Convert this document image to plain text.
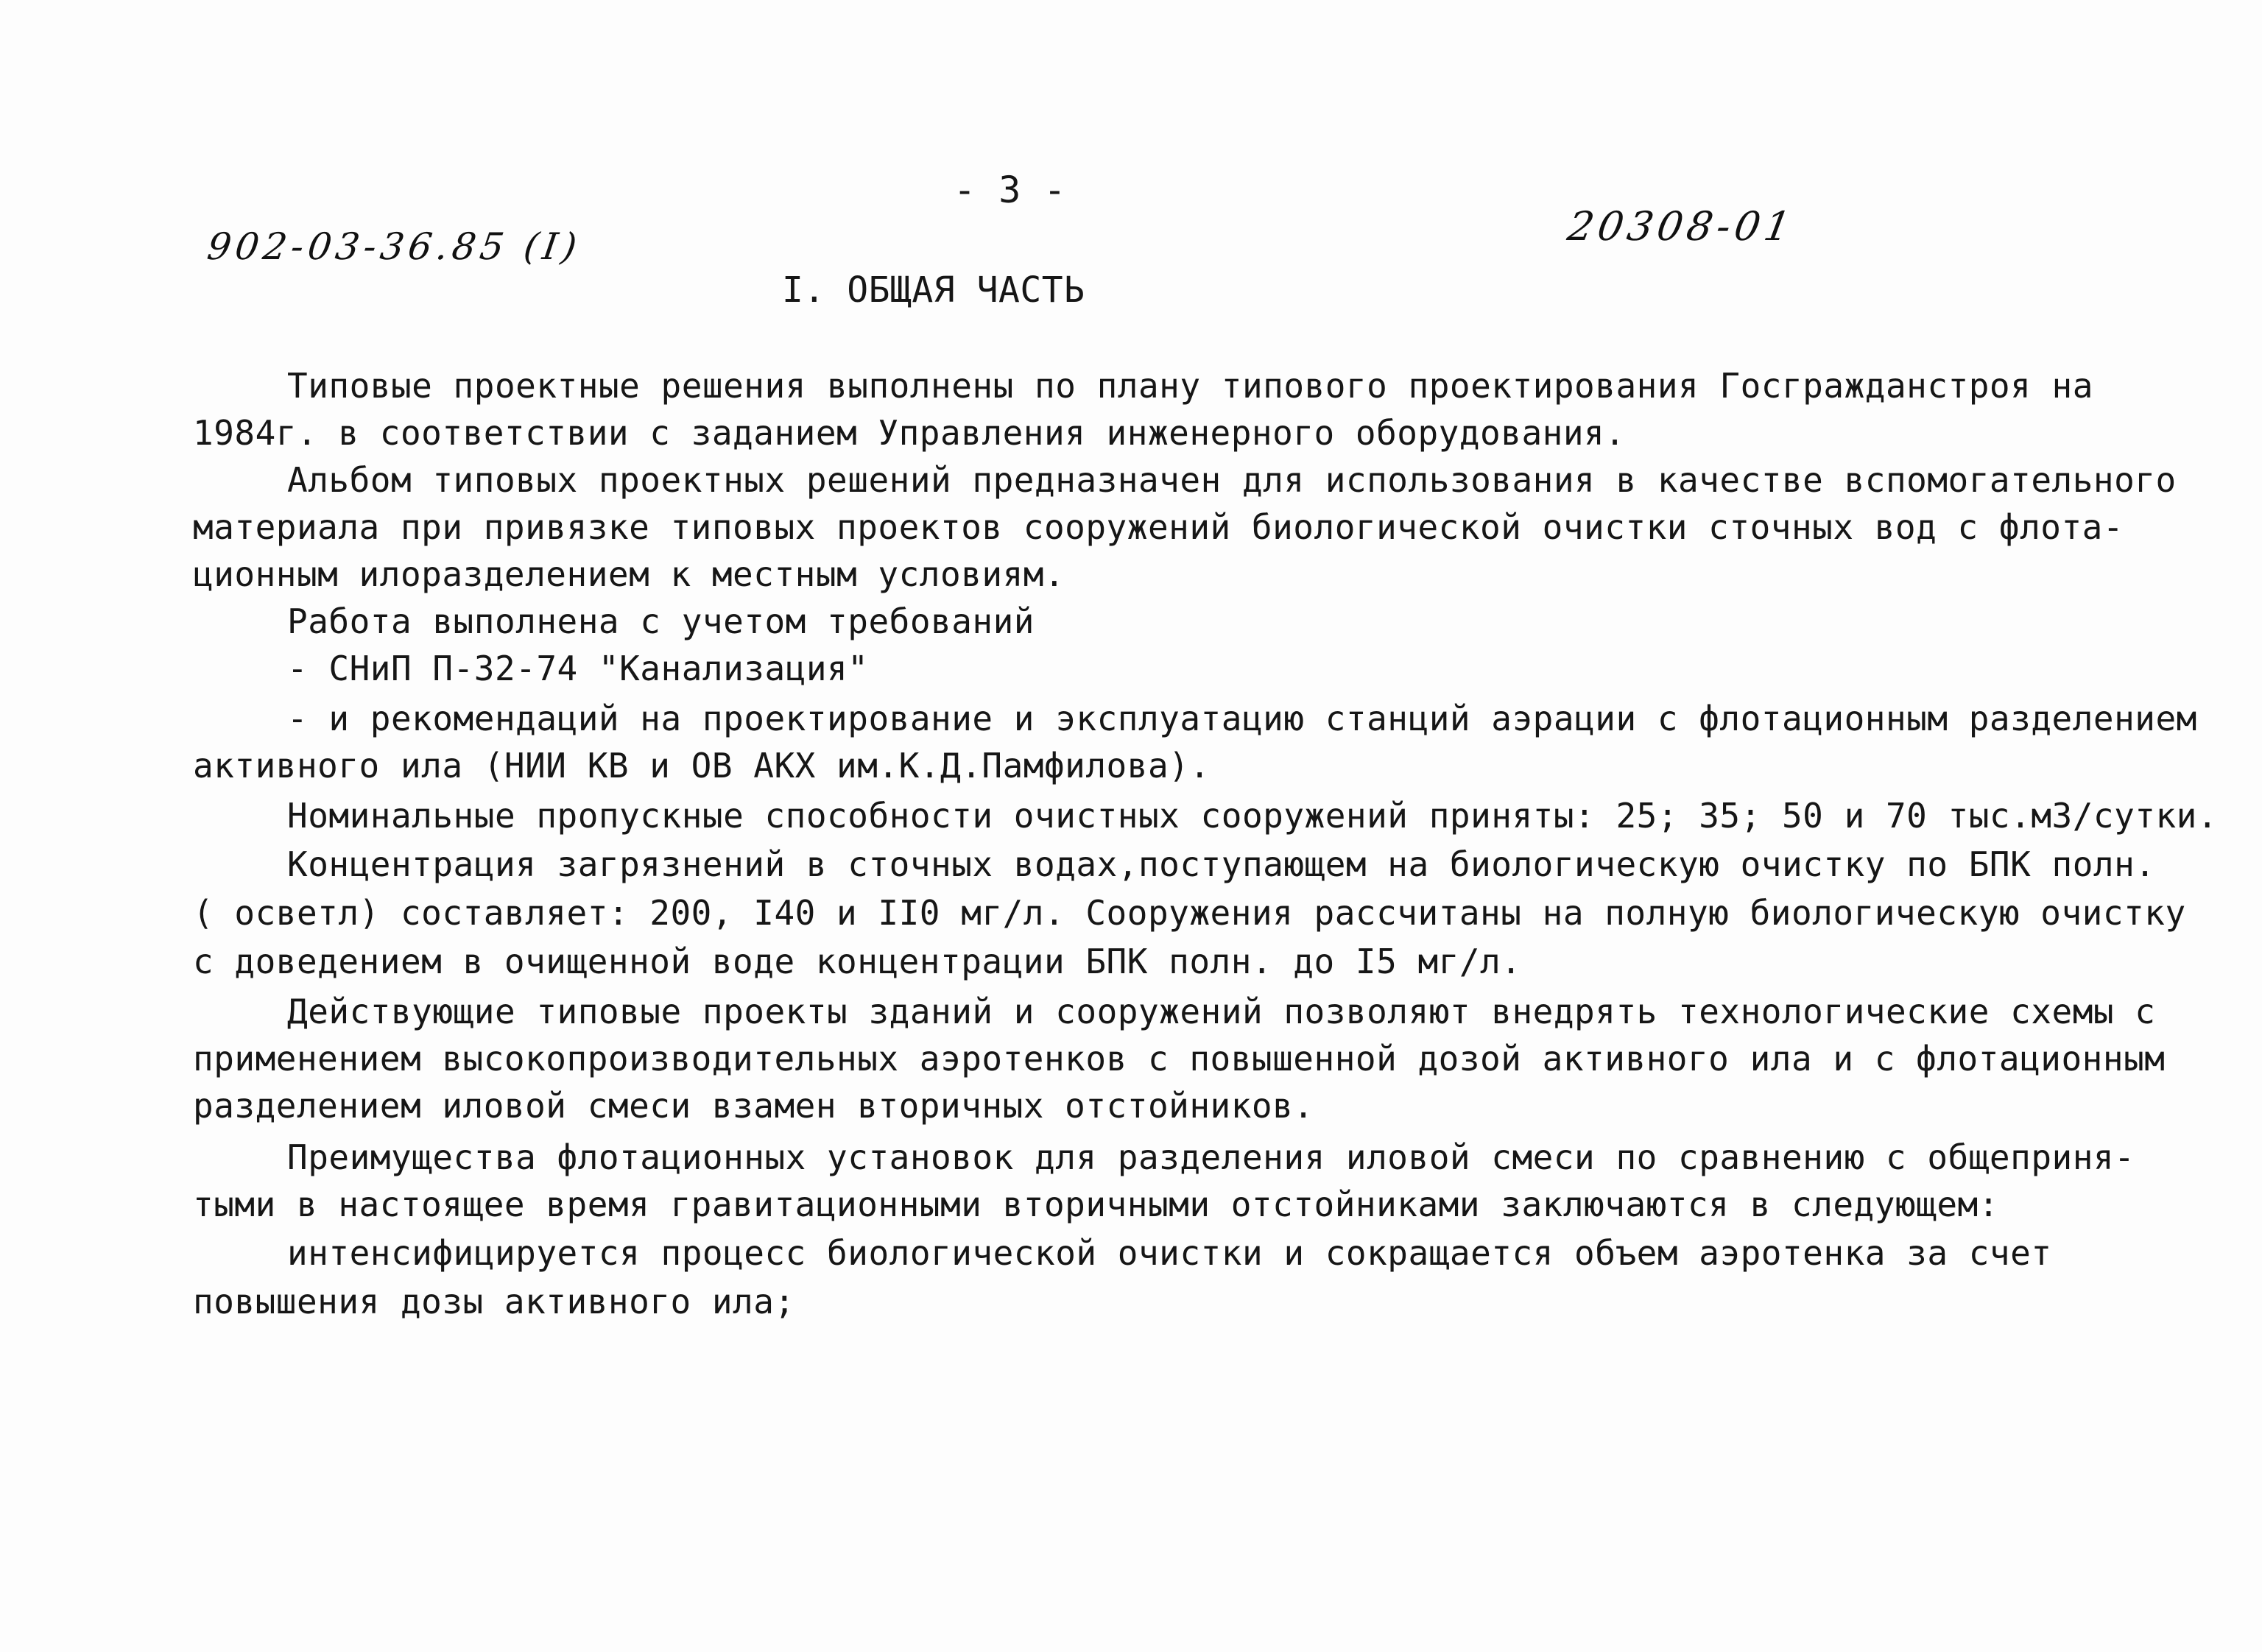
- 3 -
902-03-36.85 (I)	20308-01
I. ОБЩАЯ ЧАСТЬ
Типовые проектные решения выполнены по плану типового проектирования Госгражданстроя на
1984г. в соответствии с заданием Управления инженерного оборудования.
Альбом типовых проектных решений предназначен для использования в качестве вспомогательного
материала при привязке типовых проектов сооружений биологической очистки сточных вод с флота-
ционным илоразделением к местным условиям.
Работа выполнена с учетом требований
- СНиП П-32-74 "Канализация"
- и рекомендаций на проектирование и эксплуатацию станций аэрации с флотационным разделением
активного ила (НИИ КВ и ОВ АКХ им.К.Д.Памфилова).
Номинальные пропускные способности очистных сооружений приняты: 25; 35; 50 и 70 тыс.м3/сутки.
Концентрация загрязнений в сточных водах,поступающем на биологическую очистку по БПК полн.
( осветл) составляет: 200, I40 и II0 мг/л. Сооружения рассчитаны на полную биологическую очистку
с доведением в очищенной воде концентрации БПК полн. до I5 мг/л.
Действующие типовые проекты зданий и сооружений позволяют внедрять технологические схемы с
применением высокопроизводительных аэротенков с повышенной дозой активного ила и с флотационным
разделением иловой смеси взамен вторичных отстойников.
Преимущества флотационных установок для разделения иловой смеси по сравнению с общеприня-
тыми в настоящее время гравитационными вторичными отстойниками заключаются в следующем:
интенсифицируется процесс биологической очистки и сокращается объем аэротенка за счет
повышения дозы активного ила;
